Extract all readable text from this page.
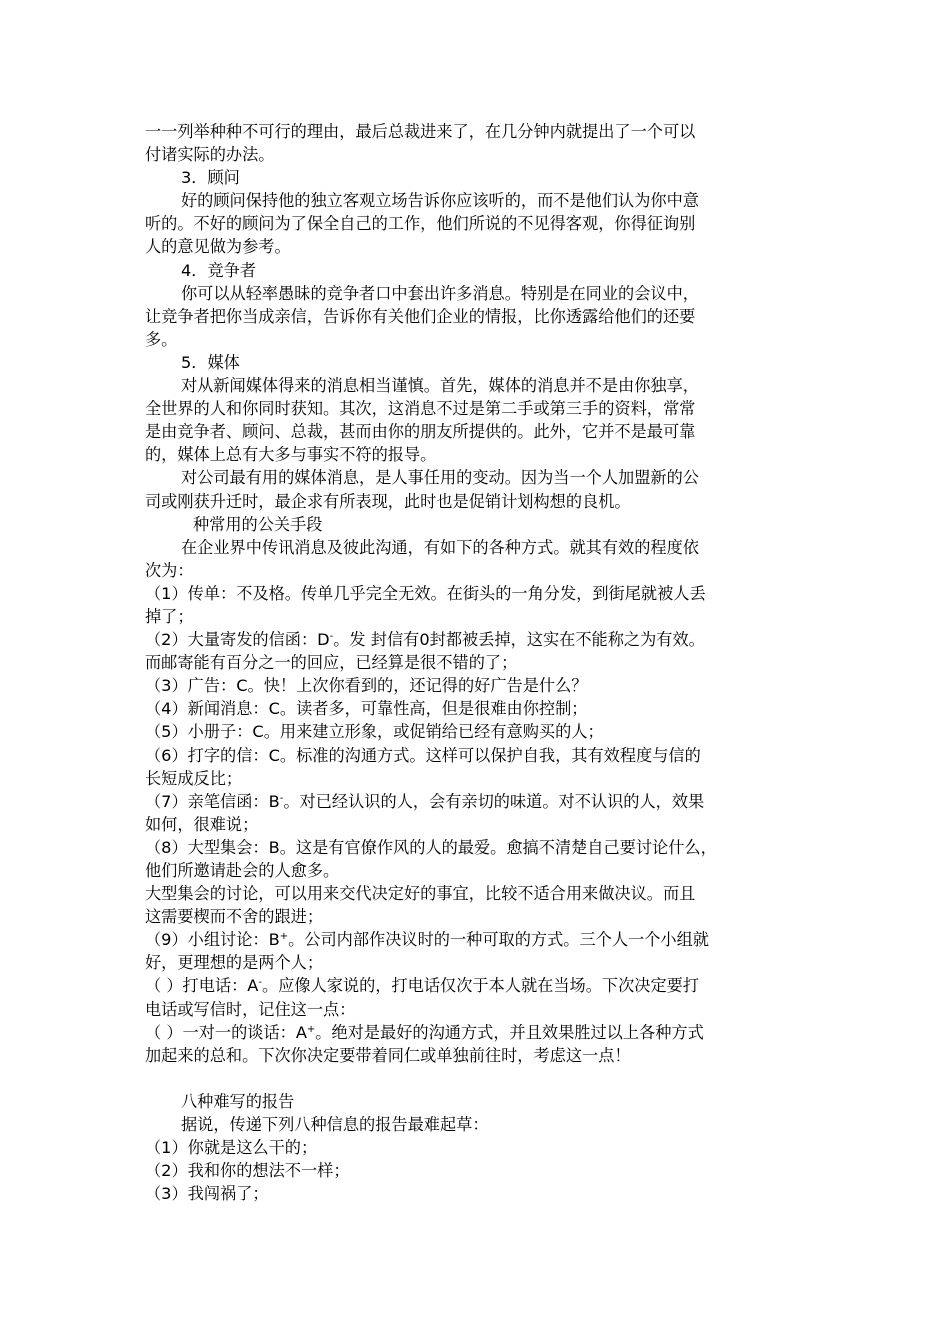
一一列举种种不可行的理由，最后总裁进来了，在几分钟内就提出了一个可以
付诸实际的办法。
3．顾问
好的顾问保持他的独立客观立场告诉你应该听的，而不是他们认为你中意
听的。不好的顾问为了保全自己的工作，他们所说的不见得客观，你得征询别
人的意见做为参考。
4．竞争者
你可以从轻率愚昧的竞争者口中套出许多消息。特别是在同业的会议中，
让竞争者把你当成亲信，告诉你有关他们企业的情报，比你透露给他们的还要
多。
5．媒体
对从新闻媒体得来的消息相当谨慎。首先，媒体的消息并不是由你独享，
全世界的人和你同时获知。其次，这消息不过是第二手或第三手的资料，常常
是由竞争者、顾问、总裁，甚而由你的朋友所提供的。此外，它并不是最可靠
的，媒体上总有大多与事实不符的报导。
对公司最有用的媒体消息，是人事任用的变动。因为当一个人加盟新的公
司或刚获升迁时，最企求有所表现，此时也是促销计划构想的良机。
种常用的公关手段
在企业界中传讯消息及彼此沟通，有如下的各种方式。就其有效的程度依
次为：
（1）传单：不及格。传单几乎完全无效。在街头的一角分发，到街尾就被人丢
掉了；
（2）大量寄发的信函：D-。发 封信有0封都被丢掉，这实在不能称之为有效。
而邮寄能有百分之一的回应，已经算是很不错的了；
（3）广告：C。快！上次你看到的，还记得的好广告是什么？
（4）新闻消息：C。读者多，可靠性高，但是很难由你控制；
（5）小册子：C。用来建立形象，或促销给已经有意购买的人；
（6）打字的信：C。标准的沟通方式。这样可以保护自我，其有效程度与信的
长短成反比；
（7）亲笔信函：B-。对已经认识的人，会有亲切的味道。对不认识的人，效果
如何，很难说；
（8）大型集会：B。这是有官僚作风的人的最爱。愈搞不清楚自己要讨论什么，
他们所邀请赴会的人愈多。
大型集会的讨论，可以用来交代决定好的事宜，比较不适合用来做决议。而且
这需要楔而不舍的跟进；
（9）小组讨论：B+。公司内部作决议时的一种可取的方式。三个人一个小组就
好，更理想的是两个人；
（ ）打电话：A-。应像人家说的，打电话仅次于本人就在当场。下次决定要打
电话或写信时，记住这一点：
（ ）一对一的谈话：A+。绝对是最好的沟通方式，并且效果胜过以上各种方式
加起来的总和。下次你决定要带着同仁或单独前往时，考虑这一点！
八种难写的报告
据说，传递下列八种信息的报告最难起草：
（1）你就是这么干的；
（2）我和你的想法不一样；
（3）我闯祸了；
